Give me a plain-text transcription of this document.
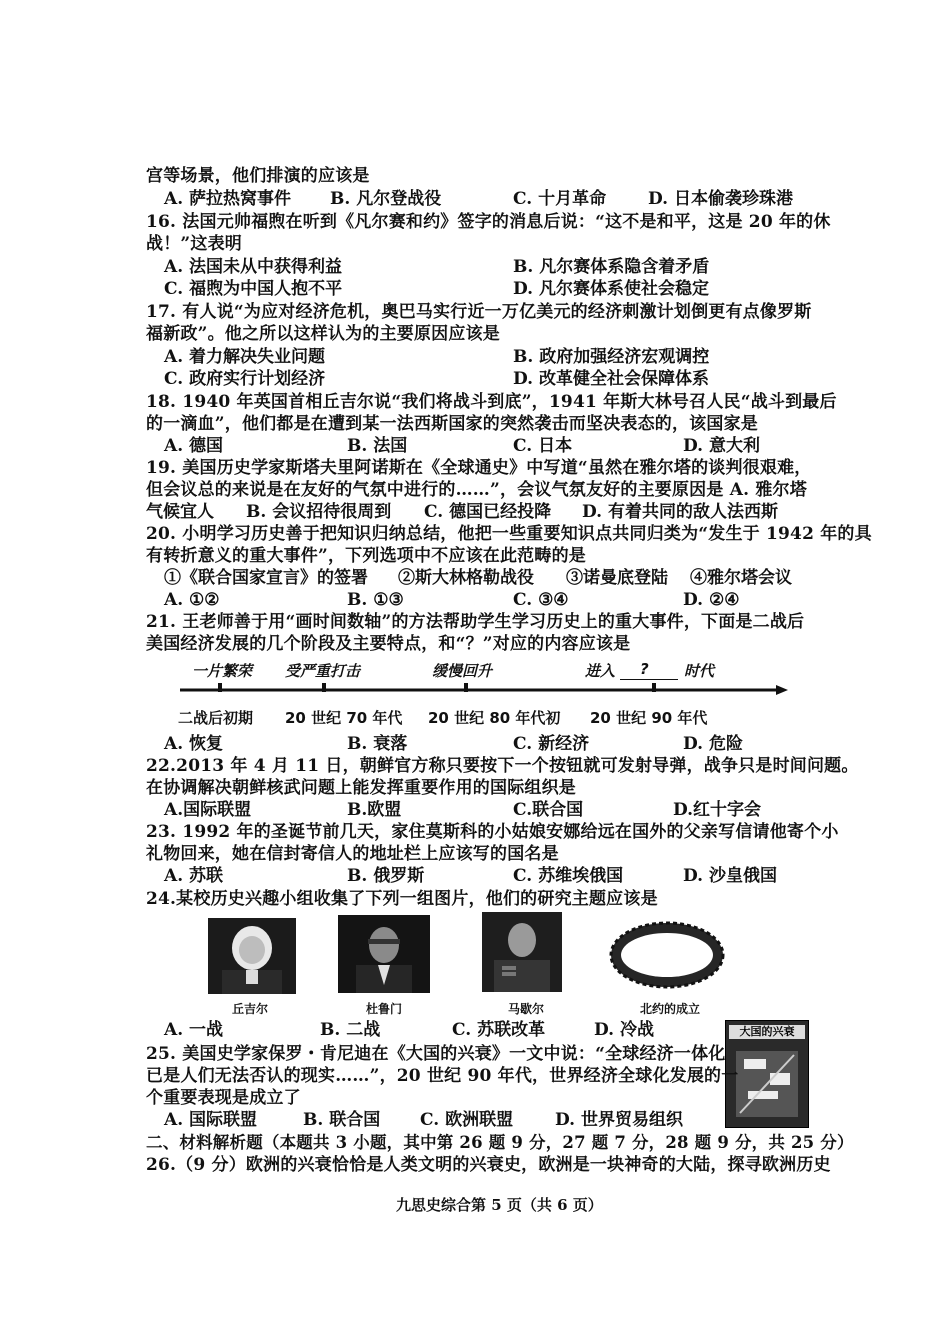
宫等场景，他们排演的应该是
A. 萨拉热窝事件 B. 凡尔登战役	C. 十月革命 D. 日本偷袭珍珠港
16. 法国元帅福煦在听到《凡尔赛和约》签字的消息后说：“这不是和平，这是 20 年的休
战！”这表明
A. 法国未从中获得利益	B. 凡尔赛体系隐含着矛盾
C. 福煦为中国人抱不平	D. 凡尔赛体系使社会稳定
17. 有人说“为应对经济危机，奥巴马实行近一万亿美元的经济刺激计划倒更有点像罗斯
福新政”。他之所以这样认为的主要原因应该是
A. 着力解决失业问题	B. 政府加强经济宏观调控
C. 政府实行计划经济	D. 改革健全社会保障体系
18. 1940 年英国首相丘吉尔说“我们将战斗到底”，1941 年斯大林号召人民“战斗到最后
的一滴血”，他们都是在遭到某一法西斯国家的突然袭击而坚决表态的，该国家是
A. 德国	B. 法国	C. 日本	D. 意大利
19. 美国历史学家斯塔夫里阿诺斯在《全球通史》中写道“虽然在雅尔塔的谈判很艰难，
但会议总的来说是在友好的气氛中进行的……”，会议气氛友好的主要原因是 A. 雅尔塔
气候宜人 B. 会议招待很周到 C. 德国已经投降 D. 有着共同的敌人法西斯
20. 小明学习历史善于把知识归纳总结，他把一些重要知识点共同归类为“发生于 1942 年的具
有转折意义的重大事件”，下列选项中不应该在此范畴的是
①《联合国家宣言》的签署 ②斯大林格勒战役 ③诺曼底登陆 ④雅尔塔会议
A. ①②	B. ①③	C. ③④	D. ②④
21. 王老师善于用“画时间数轴”的方法帮助学生学习历史上的重大事件，下面是二战后
美国经济发展的几个阶段及主要特点，和“？”对应的内容应该是
一片繁荣 受严重打击	缓慢回升	进入 ? 时代
二战后初期 20 世纪 70 年代 20 世纪 80 年代初 20 世纪 90 年代
A. 恢复	B. 衰落	C. 新经济	D. 危险
22.2013 年 4 月 11 日，朝鲜官方称只要按下一个按钮就可发射导弹，战争只是时间问题。
在协调解决朝鲜核武问题上能发挥重要作用的国际组织是
A.国际联盟	B.欧盟	C.联合国	D.红十字会
23. 1992 年的圣诞节前几天，家住莫斯科的小姑娘安娜给远在国外的父亲写信请他寄个小
礼物回来，她在信封寄信人的地址栏上应该写的国名是
A. 苏联	B. 俄罗斯	C. 苏维埃俄国	D. 沙皇俄国
24.某校历史兴趣小组收集了下列一组图片，他们的研究主题应该是
丘吉尔	杜鲁门	马歇尔	北约的成立
A. 一战	B. 二战	C. 苏联改革	D. 冷战	大国的兴衰
25. 美国史学家保罗・肯尼迪在《大国的兴衰》一文中说：“全球经济一体化
已是人们无法否认的现实……”，20 世纪 90 年代，世界经济全球化发展的一
个重要表现是成立了
A. 国际联盟	B. 联合国 C. 欧洲联盟 D. 世界贸易组织
二、材料解析题（本题共 3 小题，其中第 26 题 9 分，27 题 7 分，28 题 9 分，共 25 分）
26.（9 分）欧洲的兴衰恰恰是人类文明的兴衰史，欧洲是一块神奇的大陆，探寻欧洲历史
九思史综合第 5 页（共 6 页）
